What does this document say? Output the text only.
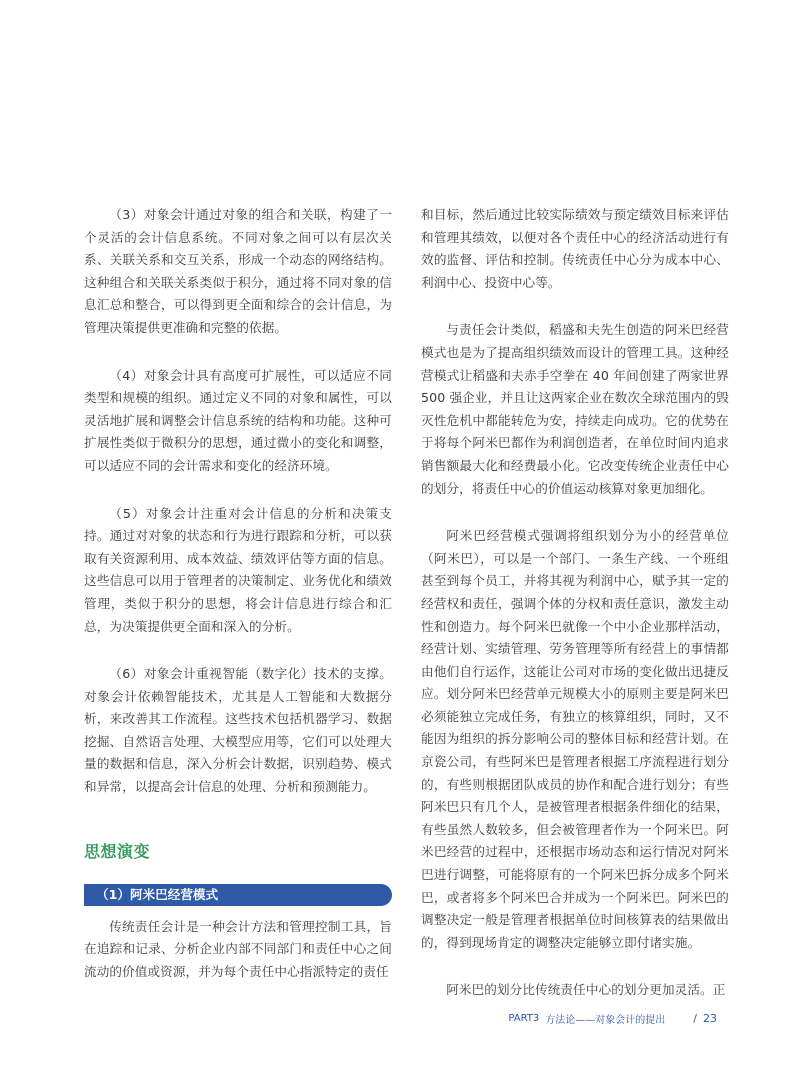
（3）对象会计通过对象的组合和关联，构建了一个灵活的会计信息系统。不同对象之间可以有层次关系、关联关系和交互关系，形成一个动态的网络结构。这种组合和关联关系类似于积分，通过将不同对象的信息汇总和整合，可以得到更全面和综合的会计信息，为管理决策提供更准确和完整的依据。

（4）对象会计具有高度可扩展性，可以适应不同类型和规模的组织。通过定义不同的对象和属性，可以灵活地扩展和调整会计信息系统的结构和功能。这种可扩展性类似于微积分的思想，通过微小的变化和调整，可以适应不同的会计需求和变化的经济环境。

（5）对象会计注重对会计信息的分析和决策支持。通过对对象的状态和行为进行跟踪和分析，可以获取有关资源利用、成本效益、绩效评估等方面的信息。这些信息可以用于管理者的决策制定、业务优化和绩效管理，类似于积分的思想，将会计信息进行综合和汇总，为决策提供更全面和深入的分析。

（6）对象会计重视智能（数字化）技术的支撑。对象会计依赖智能技术，尤其是人工智能和大数据分析，来改善其工作流程。这些技术包括机器学习、数据挖掘、自然语言处理、大模型应用等，它们可以处理大量的数据和信息，深入分析会计数据，识别趋势、模式和异常，以提高会计信息的处理、分析和预测能力。

思想演变
（1）阿米巴经营模式

传统责任会计是一种会计方法和管理控制工具，旨在追踪和记录、分析企业内部不同部门和责任中心之间流动的价值或资源，并为每个责任中心指派特定的责任

和目标，然后通过比较实际绩效与预定绩效目标来评估和管理其绩效，以便对各个责任中心的经济活动进行有效的监督、评估和控制。传统责任中心分为成本中心、利润中心、投资中心等。

与责任会计类似，稻盛和夫先生创造的阿米巴经营模式也是为了提高组织绩效而设计的管理工具。这种经营模式让稻盛和夫赤手空拳在 40 年间创建了两家世界 500 强企业，并且让这两家企业在数次全球范围内的毁灭性危机中都能转危为安，持续走向成功。它的优势在于将每个阿米巴都作为利润创造者，在单位时间内追求销售额最大化和经费最小化。它改变传统企业责任中心的划分，将责任中心的价值运动核算对象更加细化。

阿米巴经营模式强调将组织划分为小的经营单位（阿米巴），可以是一个部门、一条生产线、一个班组甚至到每个员工，并将其视为利润中心，赋予其一定的经营权和责任，强调个体的分权和责任意识，激发主动性和创造力。每个阿米巴就像一个中小企业那样活动，经营计划、实绩管理、劳务管理等所有经营上的事情都由他们自行运作，这能让公司对市场的变化做出迅捷反应。划分阿米巴经营单元规模大小的原则主要是阿米巴必须能独立完成任务，有独立的核算组织，同时，又不能因为组织的拆分影响公司的整体目标和经营计划。在京瓷公司，有些阿米巴是管理者根据工序流程进行划分的，有些则根据团队成员的协作和配合进行划分；有些阿米巴只有几个人，是被管理者根据条件细化的结果，有些虽然人数较多，但会被管理者作为一个阿米巴。阿米巴经营的过程中，还根据市场动态和运行情况对阿米巴进行调整，可能将原有的一个阿米巴拆分成多个阿米巴，或者将多个阿米巴合并成为一个阿米巴。阿米巴的调整决定一般是管理者根据单位时间核算表的结果做出的，得到现场肯定的调整决定能够立即付诸实施。

阿米巴的划分比传统责任中心的划分更加灵活。正

PART3 方法论——对象会计的提出	/ 23
